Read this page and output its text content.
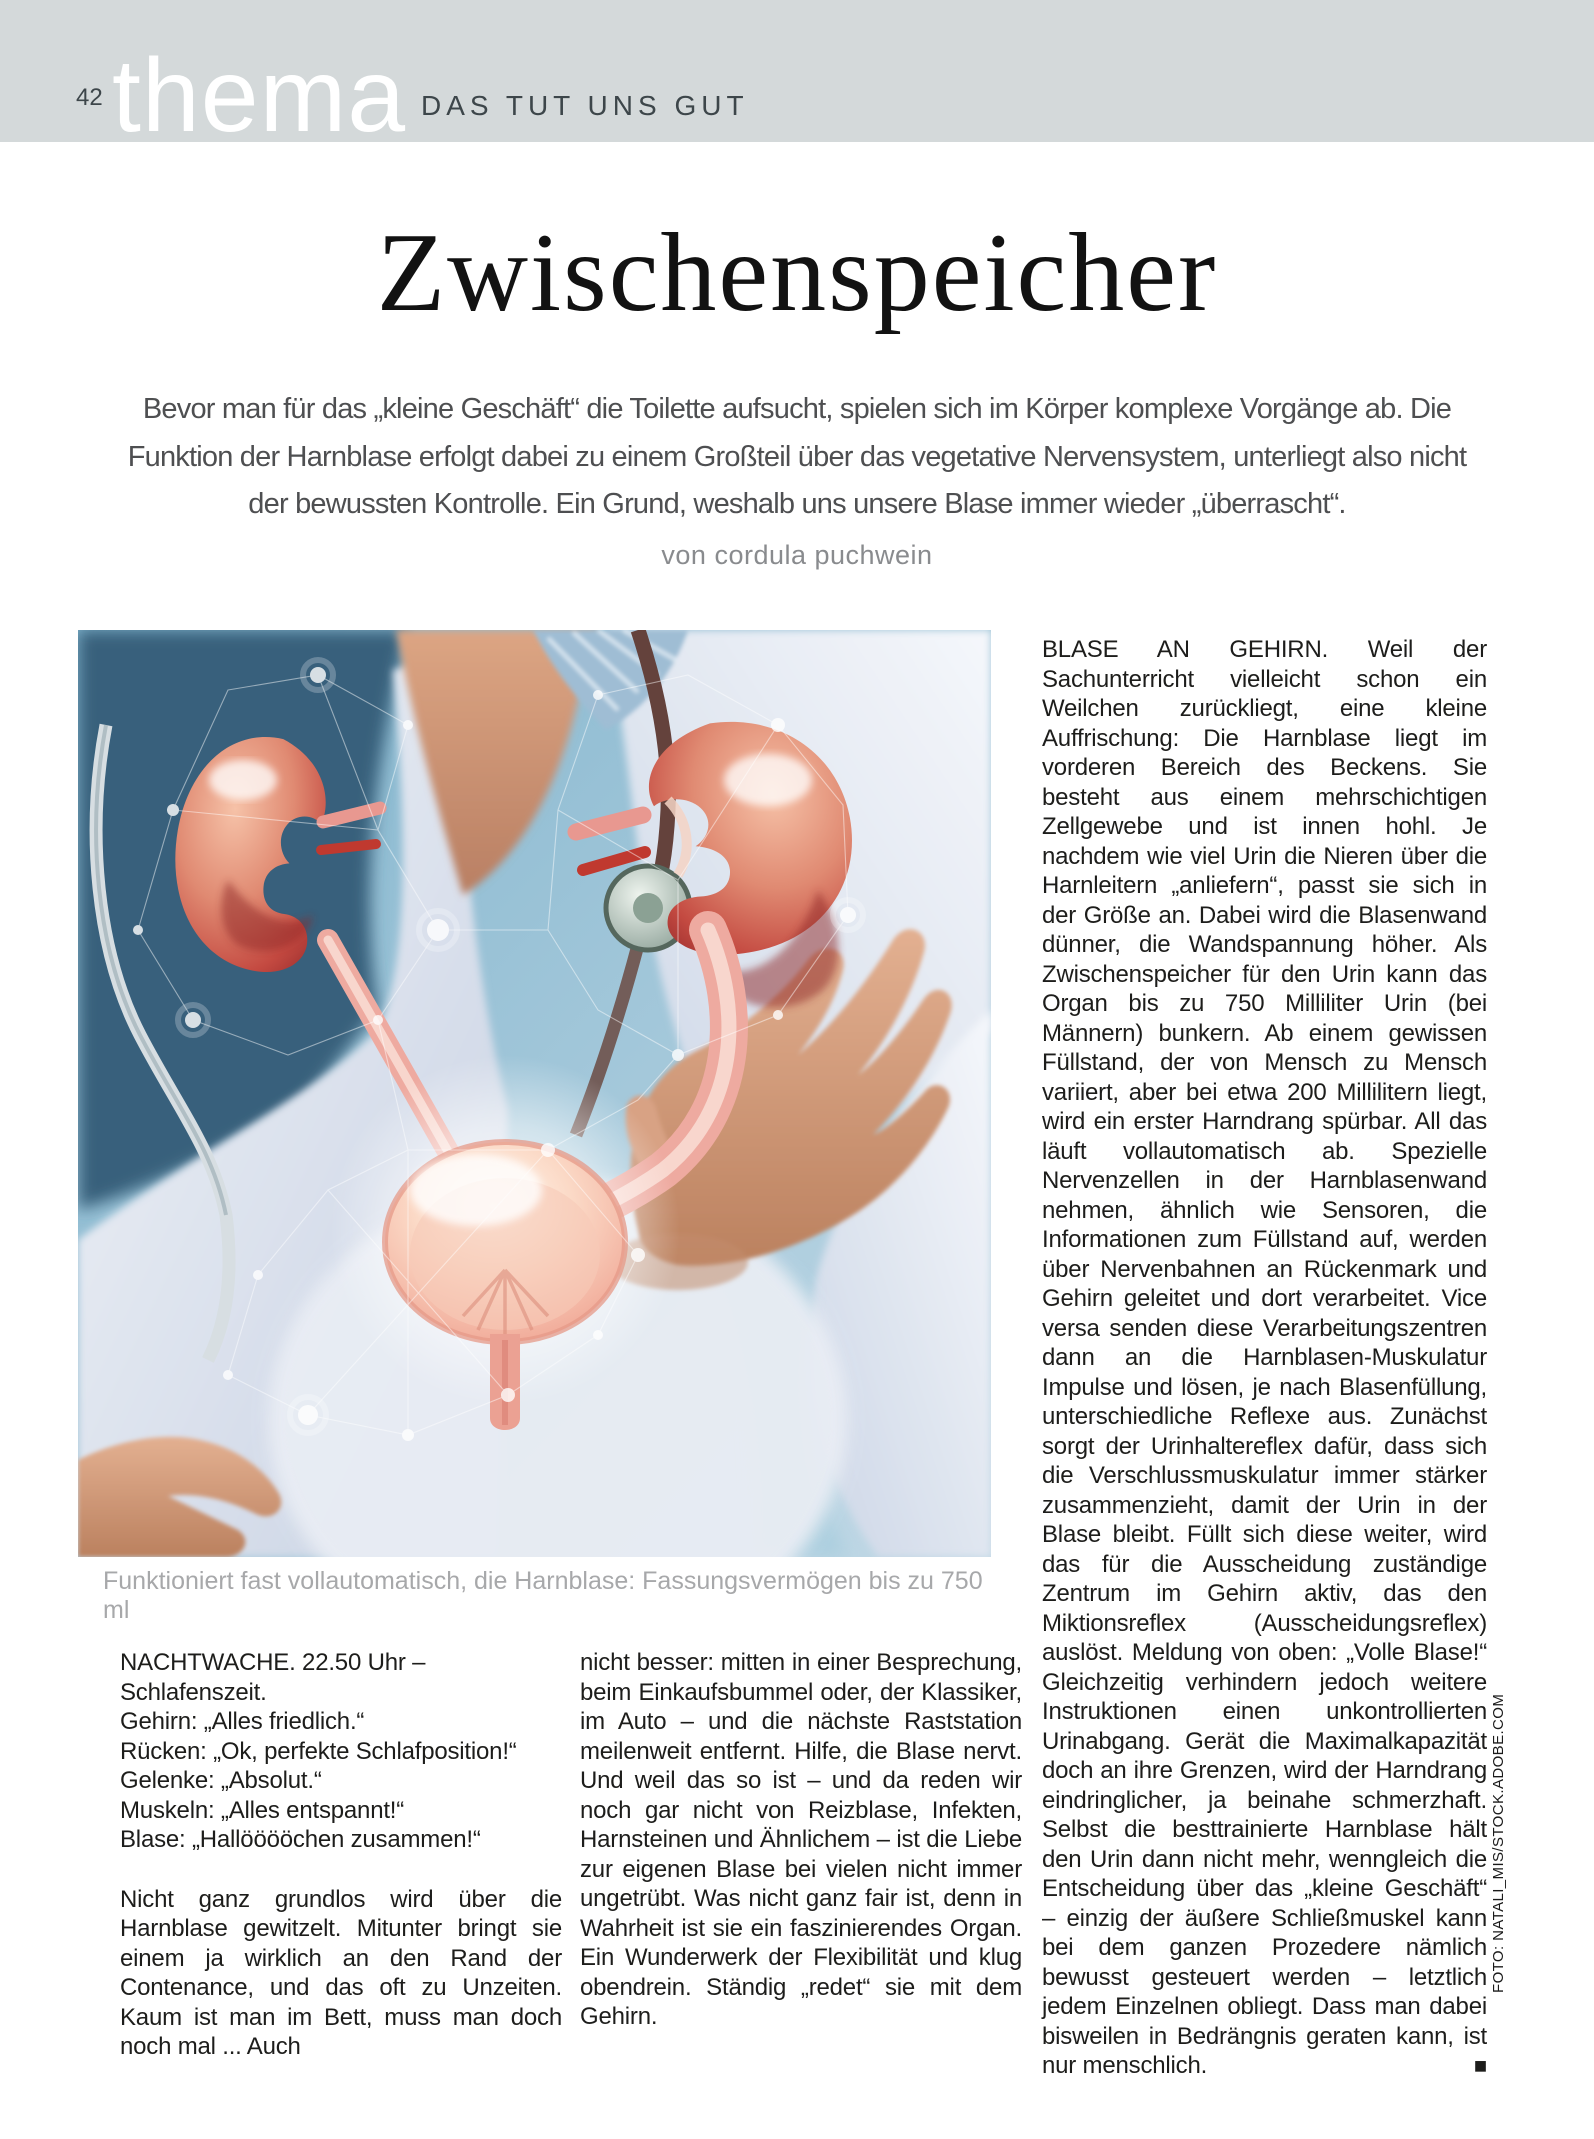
42 thema DAS TUT UNS GUT
Zwischenspeicher
Bevor man für das „kleine Geschäft“ die Toilette aufsucht, spielen sich im Körper komplexe Vorgänge ab. Die Funktion der Harnblase erfolgt dabei zu einem Großteil über das vegetative Nervensystem, unterliegt also nicht der bewussten Kontrolle. Ein Grund, weshalb uns unsere Blase immer wieder „überrascht“.
von cordula puchwein
Funktioniert fast vollautomatisch, die Harnblase: Fassungsvermögen bis zu 750 ml
NACHTWACHE. 22.50 Uhr – Schlafenszeit.
Gehirn: „Alles friedlich.“
Rücken: „Ok, perfekte Schlafposition!“
Gelenke: „Absolut.“
Muskeln: „Alles entspannt!“
Blase: „Hallööööchen zusammen!“

Nicht ganz grundlos wird über die Harnblase gewitzelt. Mitunter bringt sie einem ja wirklich an den Rand der Contenance, und das oft zu Unzeiten. Kaum ist man im Bett, muss man doch noch mal ... Auch

nicht besser: mitten in einer Besprechung, beim Einkaufsbummel oder, der Klassiker, im Auto – und die nächste Raststation meilenweit entfernt. Hilfe, die Blase nervt. Und weil das so ist – und da reden wir noch gar nicht von Reizblase, Infekten, Harnsteinen und Ähnlichem – ist die Liebe zur eigenen Blase bei vielen nicht immer ungetrübt. Was nicht ganz fair ist, denn in Wahrheit ist sie ein faszinierendes Organ. Ein Wunderwerk der Flexibilität und klug obendrein. Ständig „redet“ sie mit dem Gehirn.

BLASE AN GEHIRN. Weil der Sachunterricht vielleicht schon ein Weilchen zurückliegt, eine kleine Auffrischung: Die Harnblase liegt im vorderen Bereich des Beckens. Sie besteht aus einem mehrschichtigen Zellgewebe und ist innen hohl. Je nachdem wie viel Urin die Nieren über die Harnleitern „anliefern“, passt sie sich in der Größe an. Dabei wird die Blasenwand dünner, die Wandspannung höher. Als Zwischenspeicher für den Urin kann das Organ bis zu 750 Milliliter Urin (bei Männern) bunkern. Ab einem gewissen Füllstand, der von Mensch zu Mensch variiert, aber bei etwa 200 Millilitern liegt, wird ein erster Harndrang spürbar. All das läuft vollautomatisch ab. Spezielle Nervenzellen in der Harnblasenwand nehmen, ähnlich wie Sensoren, die Informationen zum Füllstand auf, werden über Nervenbahnen an Rückenmark und Gehirn geleitet und dort verarbeitet. Vice versa senden diese Verarbeitungszentren dann an die Harnblasen-Muskulatur Impulse und lösen, je nach Blasenfüllung, unterschiedliche Reflexe aus. Zunächst sorgt der Urinhaltereflex dafür, dass sich die Verschlussmuskulatur immer stärker zusammenzieht, damit der Urin in der Blase bleibt. Füllt sich diese weiter, wird das für die Ausscheidung zuständige Zentrum im Gehirn aktiv, das den Miktionsreflex (Ausscheidungsreflex) auslöst. Meldung von oben: „Volle Blase!“ Gleichzeitig verhindern jedoch weitere Instruktionen einen unkontrollierten Urinabgang. Gerät die Maximalkapazität doch an ihre Grenzen, wird der Harndrang eindringlicher, ja beinahe schmerzhaft. Selbst die besttrainierte Harnblase hält den Urin dann nicht mehr, wenngleich die Entscheidung über das „kleine Geschäft“ – einzig der äußere Schließmuskel kann bei dem ganzen Prozedere nämlich bewusst gesteuert werden – letztlich jedem Einzelnen obliegt. Dass man dabei bisweilen in Bedrängnis geraten kann, ist nur menschlich.	■

FOTO: NATALI_MIS/STOCK.ADOBE.COM
